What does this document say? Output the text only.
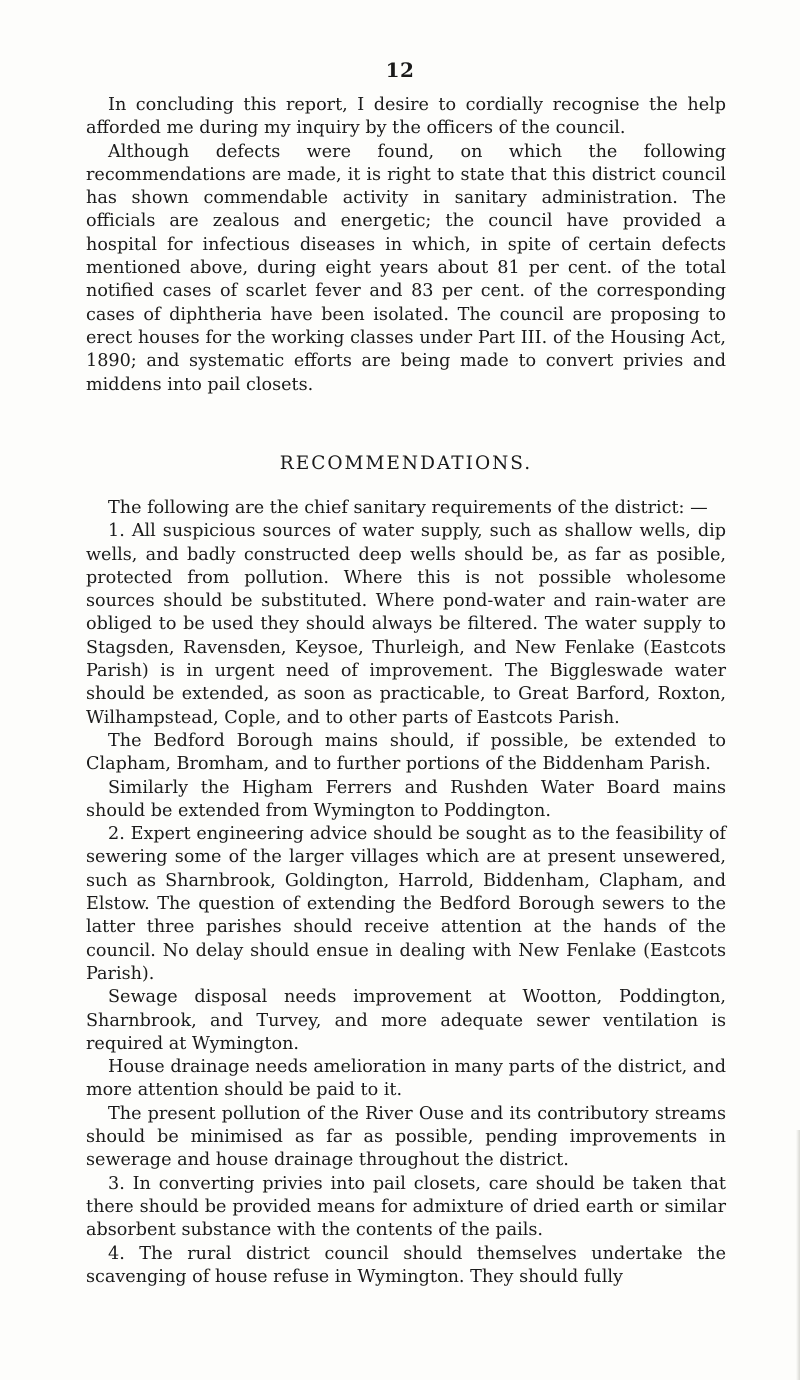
12

In concluding this report, I desire to cordially recognise the help afforded me during my inquiry by the officers of the council.

Although defects were found, on which the following recommendations are made, it is right to state that this district council has shown commendable activity in sanitary administration. The officials are zealous and energetic; the council have provided a hospital for infectious diseases in which, in spite of certain defects mentioned above, during eight years about 81 per cent. of the total notified cases of scarlet fever and 83 per cent. of the corresponding cases of diphtheria have been isolated. The council are proposing to erect houses for the working classes under Part III. of the Housing Act, 1890; and systematic efforts are being made to convert privies and middens into pail closets.

RECOMMENDATIONS.

The following are the chief sanitary requirements of the district: —

1. All suspicious sources of water supply, such as shallow wells, dip wells, and badly constructed deep wells should be, as far as posible, protected from pollution. Where this is not possible wholesome sources should be substituted. Where pond-water and rain-water are obliged to be used they should always be filtered. The water supply to Stagsden, Ravensden, Keysoe, Thurleigh, and New Fenlake (Eastcots Parish) is in urgent need of improvement. The Biggleswade water should be extended, as soon as practicable, to Great Barford, Roxton, Wilhampstead, Cople, and to other parts of Eastcots Parish.

The Bedford Borough mains should, if possible, be extended to Clapham, Bromham, and to further portions of the Biddenham Parish.

Similarly the Higham Ferrers and Rushden Water Board mains should be extended from Wymington to Poddington.

2. Expert engineering advice should be sought as to the feasibility of sewering some of the larger villages which are at present unsewered, such as Sharnbrook, Goldington, Harrold, Biddenham, Clapham, and Elstow. The question of extending the Bedford Borough sewers to the latter three parishes should receive attention at the hands of the council. No delay should ensue in dealing with New Fenlake (Eastcots Parish).

Sewage disposal needs improvement at Wootton, Poddington, Sharnbrook, and Turvey, and more adequate sewer ventilation is required at Wymington.

House drainage needs amelioration in many parts of the district, and more attention should be paid to it.

The present pollution of the River Ouse and its contributory streams should be minimised as far as possible, pending improvements in sewerage and house drainage throughout the district.

3. In converting privies into pail closets, care should be taken that there should be provided means for admixture of dried earth or similar absorbent substance with the contents of the pails.

4. The rural district council should themselves undertake the scavenging of house refuse in Wymington. They should fully
